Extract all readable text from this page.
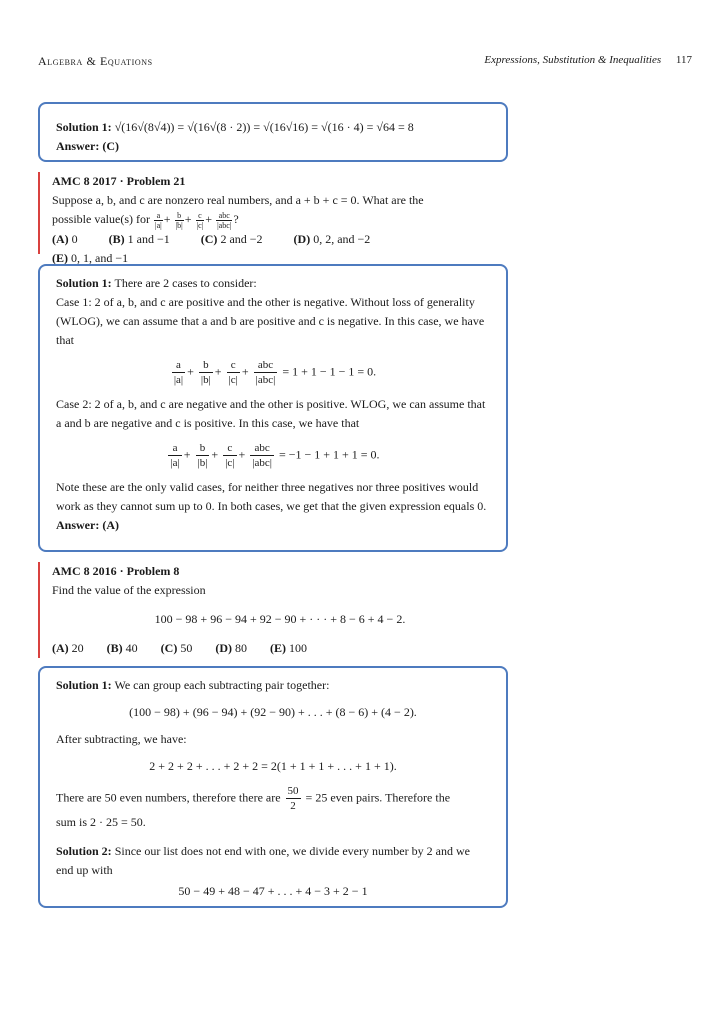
Algebra & Equations	Expressions, Substitution & Inequalities 117

Solution 1: √(16√(8√4)) = √(16√(8 · 2)) = √(16√16) = √(16 · 4) = √64 = 8

Answer: (C)

AMC 8 2017 · Problem 21

Suppose a, b, and c are nonzero real numbers, and a + b + c = 0. What are the

possible value(s) for $\frac{a}{|a|} + \frac{b}{|b|} + \frac{c}{|c|}$ + abc
|abc| ?

(A) 0	(B) 1 and −1	(C) 2 and −2	(D) 0, 2, and −2

(E) 0, 1, and −1

Solution 1: There are 2 cases to consider:

Case 1: 2 of a, b, and c are positive and the other is negative. Without loss of generality (WLOG), we can assume that a and b are positive and c is negative. In this case, we have that

$\frac{a}{|a|} + \frac{b}{|b|} + \frac{c}{|c|} + \frac{\text{abc}}{\text{|abc|}} = 1 + 1 - 1 - 1 = 0$.

Case 2: 2 of a, b, and c are negative and the other is positive. WLOG, we can assume that a and b are negative and c is positive. In this case, we have that

$\frac{a}{|a|} + \frac{b}{|b|} + \frac{c}{|c|} + \frac{\text{abc}}{\text{|abc|}} = -1 - 1 + 1 + 1 = 0$.

Note these are the only valid cases, for neither three negatives nor three positives would work as they cannot sum up to 0. In both cases, we get that the given expression equals 0.

Answer: (A)

AMC 8 2016 · Problem 8

Find the value of the expression

100 − 98 + 96 − 94 + 92 − 90 + · · · + 8 − 6 + 4 − 2.

(A) 20 (B) 40 (C) 50 (D) 80 (E) 100

Solution 1: We can group each subtracting pair together:

(100 − 98) + (96 − 94) + (92 − 90) + . . . + (8 − 6) + (4 − 2).

After subtracting, we have:

2 + 2 + 2 + . . . + 2 + 2 = 2(1 + 1 + 1 + . . . + 1 + 1).

There are 50 even numbers, therefore there are $\frac{50}{2} = 25$ even pairs. Therefore the

sum is 2 · 25 = 50.

Solution 2: Since our list does not end with one, we divide every number by 2 and we end up with

50 − 49 + 48 − 47 + . . . + 4 − 3 + 2 − 1
